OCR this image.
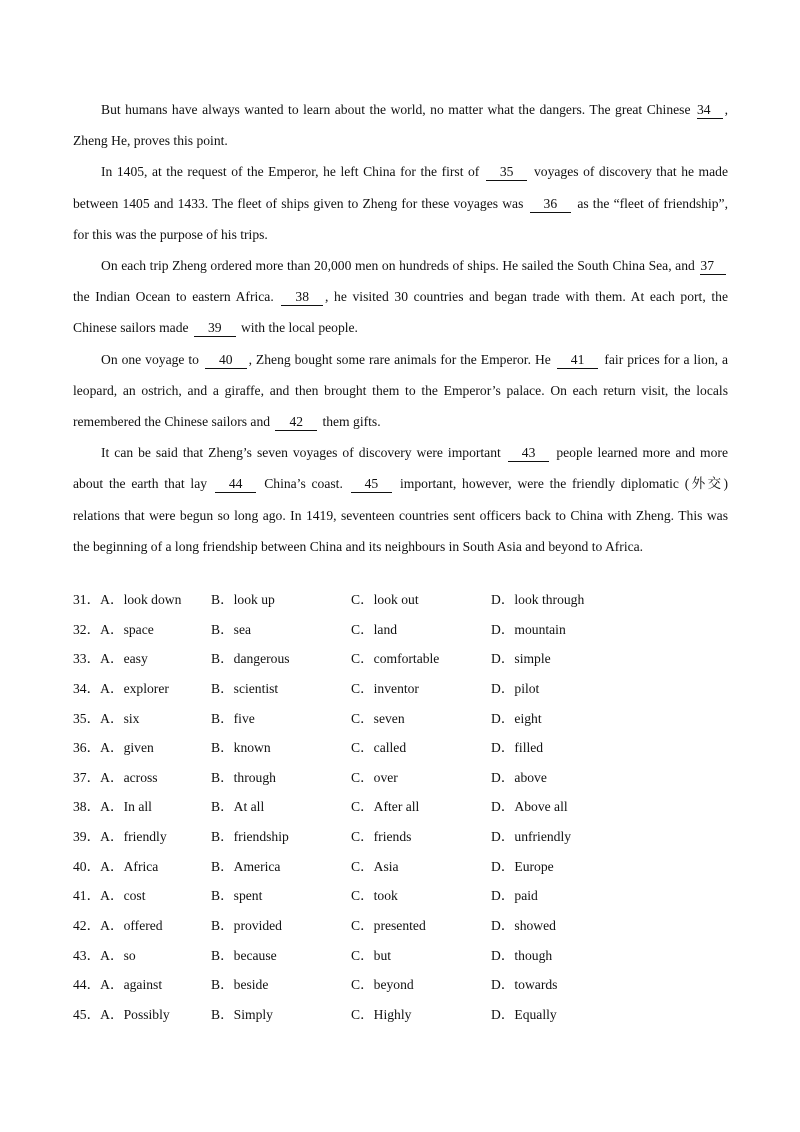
But humans have always wanted to learn about the world, no matter what the dangers. The great Chinese 34 , Zheng He, proves this point.

In 1405, at the request of the Emperor, he left China for the first of 35 voyages of discovery that he made between 1405 and 1433. The fleet of ships given to Zheng for these voyages was 36 as the “fleet of friendship”, for this was the purpose of his trips.

On each trip Zheng ordered more than 20,000 men on hundreds of ships. He sailed the South China Sea, and 37 the Indian Ocean to eastern Africa. 38 , he visited 30 countries and began trade with them. At each port, the Chinese sailors made 39 with the local people.

On one voyage to 40 , Zheng bought some rare animals for the Emperor. He 41 fair prices for a lion, a leopard, an ostrich, and a giraffe, and then brought them to the Emperor’s palace. On each return visit, the locals remembered the Chinese sailors and 42 them gifts.

It can be said that Zheng’s seven voyages of discovery were important 43 people learned more and more about the earth that lay 44 China’s coast. 45 important, however, were the friendly diplomatic (外交) relations that were begun so long ago. In 1419, seventeen countries sent officers back to China with Zheng. This was the beginning of a long friendship between China and its neighbours in South Asia and beyond to Africa.

31．A．look down B．look up	C．look out	D．look through
32．A．space	B．sea	C．land	D．mountain
33．A．easy	B．dangerous	C．comfortable	D．simple
34．A．explorer	B．scientist	C．inventor	D．pilot
35．A．six	B．five	C．seven	D．eight
36．A．given	B．known	C．called	D．filled
37．A．across	B．through	C．over	D．above
38．A．In all	B．At all	C．After all	D．Above all
39．A．friendly	B．friendship	C．friends	D．unfriendly
40．A．Africa	B．America	C．Asia	D．Europe
41．A．cost	B．spent	C．took	D．paid
42．A．offered	B．provided	C．presented	D．showed
43．A．so	B．because	C．but	D．though
44．A．against	B．beside	C．beyond	D．towards
45．A．Possibly	B．Simply	C．Highly	D．Equally
